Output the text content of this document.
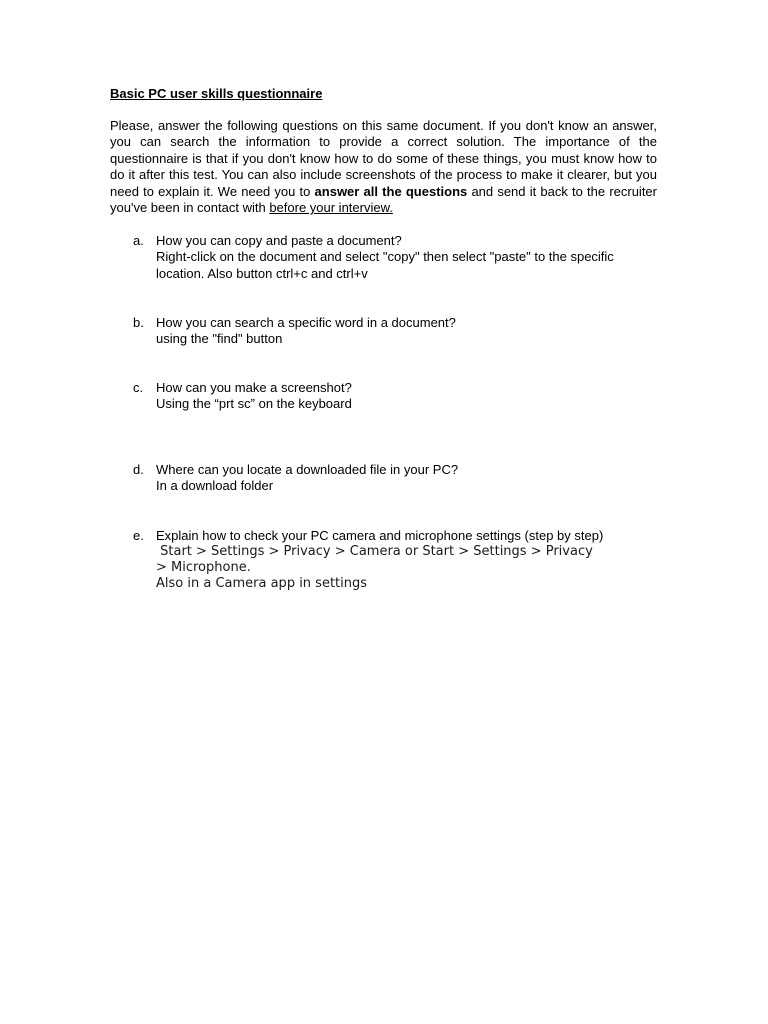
Basic PC user skills questionnaire
Please, answer the following questions on this same document. If you don't know an answer, you can search the information to provide a correct solution. The importance of the questionnaire is that if you don't know how to do some of these things, you must know how to do it after this test. You can also include screenshots of the process to make it clearer, but you need to explain it. We need you to answer all the questions and send it back to the recruiter you've been in contact with before your interview.
a. How you can copy and paste a document?
Right-click on the document and select "copy" then select "paste" to the specific location. Also button ctrl+c and ctrl+v
b. How you can search a specific word in a document?
using the "find" button
c. How can you make a screenshot?
Using the “prt sc” on the keyboard
d. Where can you locate a downloaded file in your PC?
In a download folder
e. Explain how to check your PC camera and microphone settings (step by step)
Start > Settings > Privacy > Camera or Start > Settings > Privacy > Microphone.
Also in a Camera app in settings
